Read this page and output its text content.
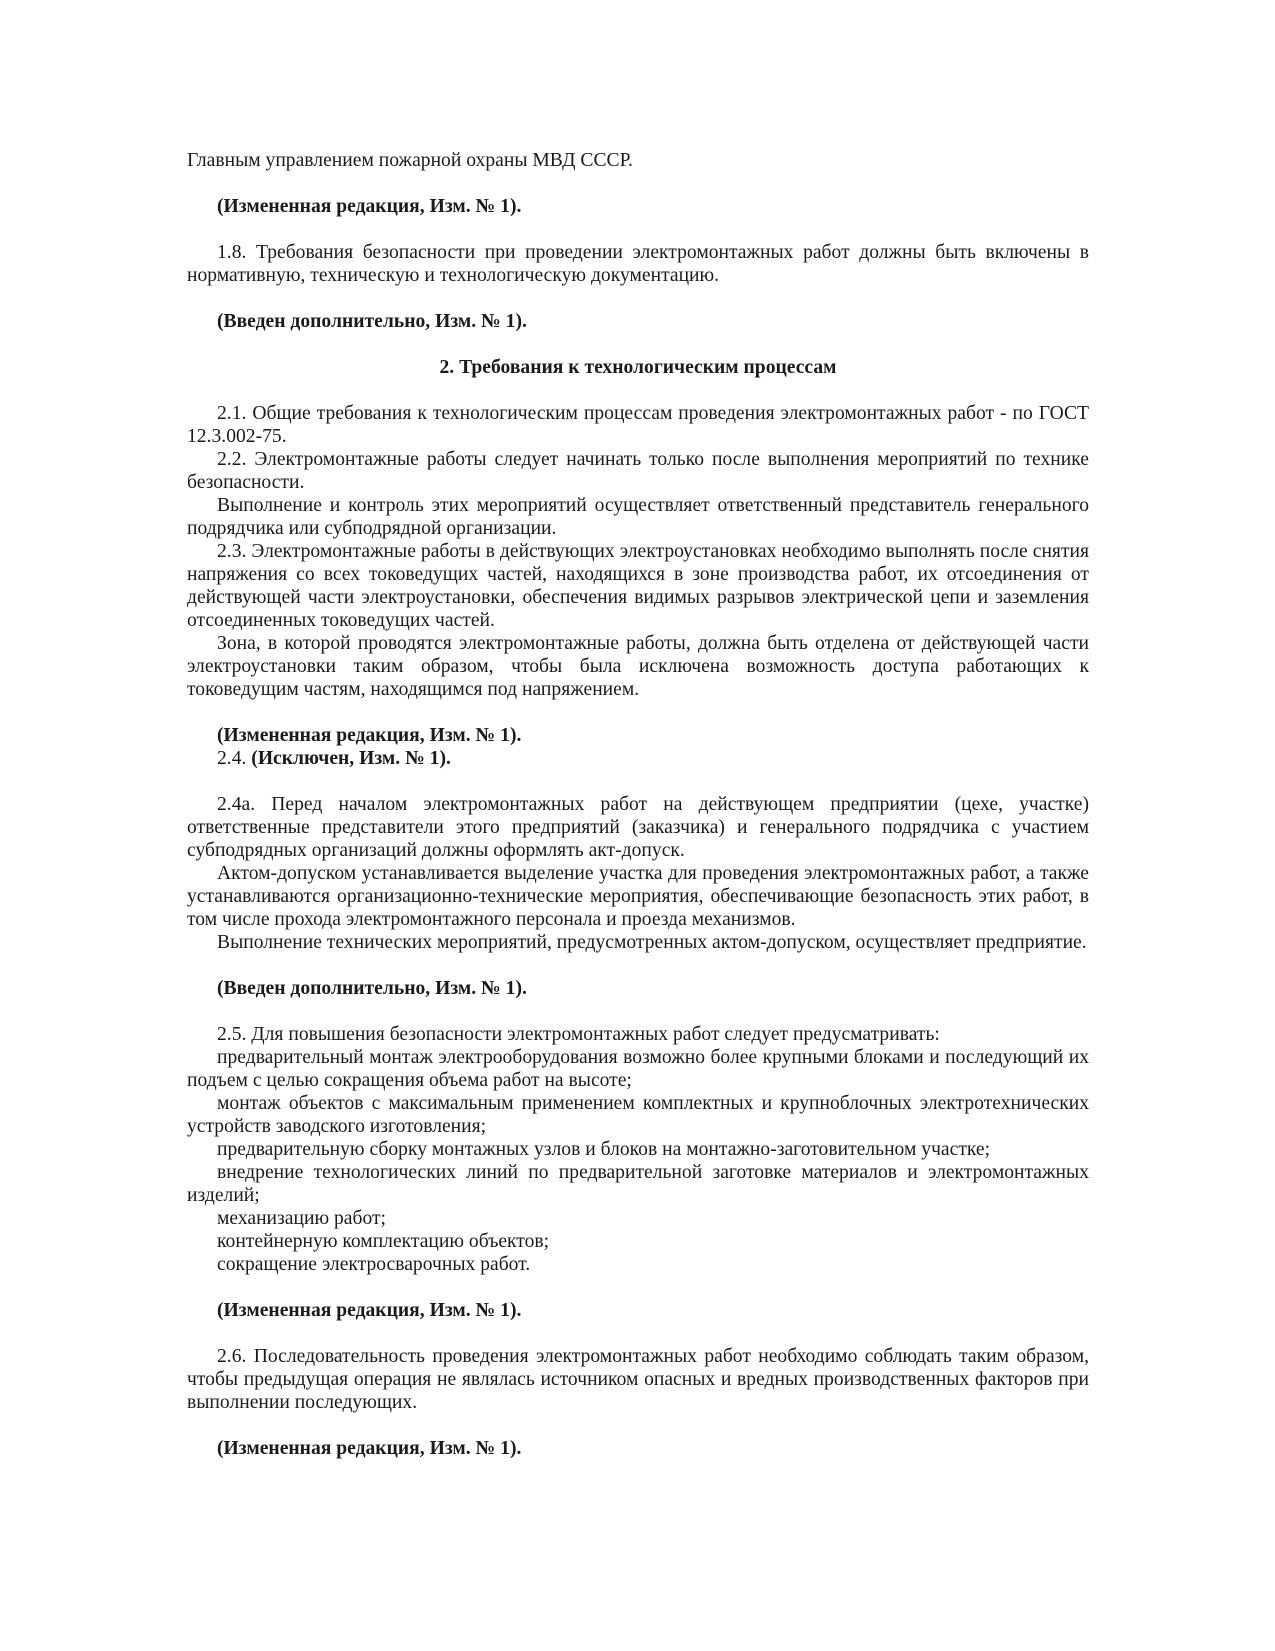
Главным управлением пожарной охраны МВД СССР.

(Измененная редакция, Изм. № 1).

1.8. Требования безопасности при проведении электромонтажных работ должны быть включены в нормативную, техническую и технологическую документацию.

(Введен дополнительно, Изм. № 1).

2. Требования к технологическим процессам

2.1. Общие требования к технологическим процессам проведения электромонтажных работ - по ГОСТ 12.3.002-75.

2.2. Электромонтажные работы следует начинать только после выполнения мероприятий по технике безопасности.

Выполнение и контроль этих мероприятий осуществляет ответственный представитель генерального подрядчика или субподрядной организации.

2.3. Электромонтажные работы в действующих электроустановках необходимо выполнять после снятия напряжения со всех токоведущих частей, находящихся в зоне производства работ, их отсоединения от действующей части электроустановки, обеспечения видимых разрывов электрической цепи и заземления отсоединенных токоведущих частей.

Зона, в которой проводятся электромонтажные работы, должна быть отделена от действующей части электроустановки таким образом, чтобы была исключена возможность доступа работающих к токоведущим частям, находящимся под напряжением.

(Измененная редакция, Изм. № 1).

2.4. (Исключен, Изм. № 1).

2.4а. Перед началом электромонтажных работ на действующем предприятии (цехе, участке) ответственные представители этого предприятий (заказчика) и генерального подрядчика с участием субподрядных организаций должны оформлять акт-допуск.

Актом-допуском устанавливается выделение участка для проведения электромонтажных работ, а также устанавливаются организационно-технические мероприятия, обеспечивающие безопасность этих работ, в том числе прохода электромонтажного персонала и проезда механизмов.

Выполнение технических мероприятий, предусмотренных актом-допуском, осуществляет предприятие.

(Введен дополнительно, Изм. № 1).

2.5. Для повышения безопасности электромонтажных работ следует предусматривать:

предварительный монтаж электрооборудования возможно более крупными блоками и последующий их подъем с целью сокращения объема работ на высоте;

монтаж объектов с максимальным применением комплектных и крупноблочных электротехнических устройств заводского изготовления;

предварительную сборку монтажных узлов и блоков на монтажно-заготовительном участке;

внедрение технологических линий по предварительной заготовке материалов и электромонтажных изделий;

механизацию работ;

контейнерную комплектацию объектов;

сокращение электросварочных работ.

(Измененная редакция, Изм. № 1).

2.6. Последовательность проведения электромонтажных работ необходимо соблюдать таким образом, чтобы предыдущая операция не являлась источником опасных и вредных производственных факторов при выполнении последующих.

(Измененная редакция, Изм. № 1).
